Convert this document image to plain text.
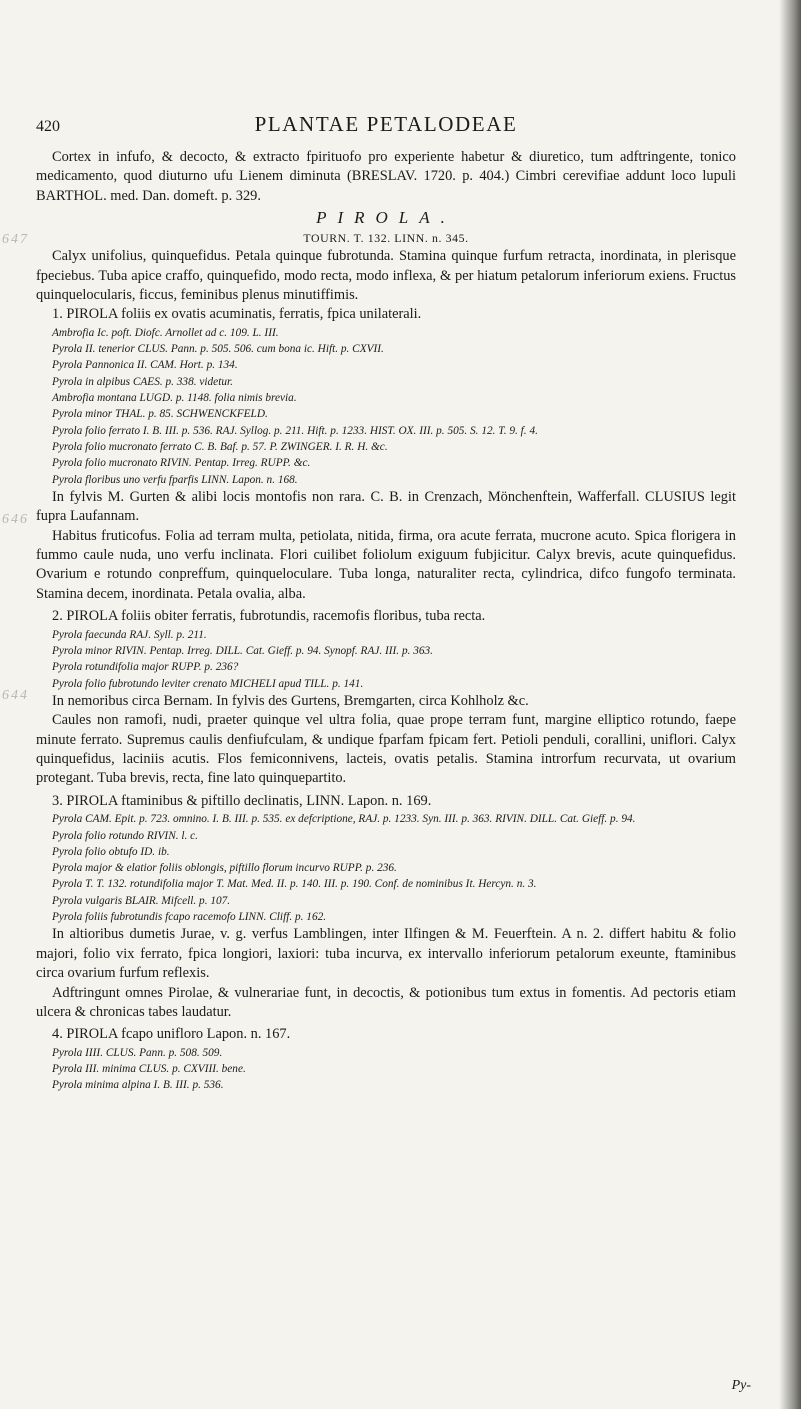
420	PLANTAE PETALODEAE
647
646
644

Cortex in infufo, & decocto, & extracto fpirituofo pro experiente habetur & diuretico, tum adftringente, tonico medicamento, quod diuturno ufu Lienem diminuta (BRESLAV. 1720. p. 404.) Cimbri cerevifiae addunt loco lupuli BARTHOL. med. Dan. domeft. p. 329.

PIROLA.

TOURN. T. 132. LINN. n. 345.

Calyx unifolius, quinquefidus. Petala quinque fubrotunda. Stamina quinque furfum retracta, inordinata, in plerisque fpeciebus. Tuba apice craffo, quinquefido, modo recta, modo inflexa, & per hiatum petalorum inferiorum exiens. Fructus quinquelocularis, ficcus, feminibus plenus minutiffimis.

1. PIROLA foliis ex ovatis acuminatis, ferratis, fpica unilaterali.

Ambrofia Ic. poft. Diofc. Arnollet ad c. 109. L. III.

Pyrola II. tenerior CLUS. Pann. p. 505. 506. cum bona ic. Hift. p. CXVII.

Pyrola Pannonica II. CAM. Hort. p. 134.

Pyrola in alpibus CAES. p. 338. videtur.

Ambrofia montana LUGD. p. 1148. folia nimis brevia.

Pyrola minor THAL. p. 85. SCHWENCKFELD.

Pyrola folio ferrato I. B. III. p. 536. RAJ. Syllog. p. 211. Hift. p. 1233. HIST. OX. III. p. 505. S. 12. T. 9. f. 4.

Pyrola folio mucronato ferrato C. B. Baf. p. 57. P. ZWINGER. I. R. H. &c.

Pyrola folio mucronato RIVIN. Pentap. Irreg. RUPP. &c.

Pyrola floribus uno verfu fparfis LINN. Lapon. n. 168.

In fylvis M. Gurten & alibi locis montofis non rara. C. B. in Crenzach, Mönchenftein, Wafferfall. CLUSIUS legit fupra Laufannam.

Habitus fruticofus. Folia ad terram multa, petiolata, nitida, firma, ora acute ferrata, mucrone acuto. Spica florigera in fummo caule nuda, uno verfu inclinata. Flori cuilibet foliolum exiguum fubjicitur. Calyx brevis, acute quinquefidus. Ovarium e rotundo conpreffum, quinqueloculare. Tuba longa, naturaliter recta, cylindrica, difco fungofo terminata. Stamina decem, inordinata. Petala ovalia, alba.

2. PIROLA foliis obiter ferratis, fubrotundis, racemofis floribus, tuba recta.

Pyrola faecunda RAJ. Syll. p. 211.

Pyrola minor RIVIN. Pentap. Irreg. DILL. Cat. Gieff. p. 94. Synopf. RAJ. III. p. 363.

Pyrola rotundifolia major RUPP. p. 236?

Pyrola folio fubrotundo leviter crenato MICHELI apud TILL. p. 141.

In nemoribus circa Bernam. In fylvis des Gurtens, Bremgarten, circa Kohlholz &c.

Caules non ramofi, nudi, praeter quinque vel ultra folia, quae prope terram funt, margine elliptico rotundo, faepe minute ferrato. Supremus caulis denfiufculam, & undique fparfam fpicam fert. Petioli penduli, corallini, uniflori. Calyx quinquefidus, laciniis acutis. Flos femiconnivens, lacteis, ovatis petalis. Stamina introrfum recurvata, ut ovarium protegant. Tuba brevis, recta, fine lato quinquepartito.

3. PIROLA ftaminibus & piftillo declinatis, LINN. Lapon. n. 169.

Pyrola CAM. Epit. p. 723. omnino. I. B. III. p. 535. ex defcriptione, RAJ. p. 1233. Syn. III. p. 363. RIVIN. DILL. Cat. Gieff. p. 94.

Pyrola folio rotundo RIVIN. l. c.

Pyrola folio obtufo ID. ib.

Pyrola major & elatior foliis oblongis, piftillo florum incurvo RUPP. p. 236.

Pyrola T. T. 132. rotundifolia major T. Mat. Med. II. p. 140. III. p. 190. Conf. de nominibus It. Hercyn. n. 3.

Pyrola vulgaris BLAIR. Mifcell. p. 107.

Pyrola foliis fubrotundis fcapo racemofo LINN. Cliff. p. 162.

In altioribus dumetis Jurae, v. g. verfus Lamblingen, inter Ilfingen & M. Feuerftein. A n. 2. differt habitu & folio majori, folio vix ferrato, fpica longiori, laxiori: tuba incurva, ex intervallo inferiorum petalorum exeunte, ftaminibus circa ovarium furfum reflexis.

Adftringunt omnes Pirolae, & vulnerariae funt, in decoctis, & potionibus tum extus in fomentis. Ad pectoris etiam ulcera & chronicas tabes laudatur.

4. PIROLA fcapo unifloro Lapon. n. 167.

Pyrola IIII. CLUS. Pann. p. 508. 509.

Pyrola III. minima CLUS. p. CXVIII. bene.

Pyrola minima alpina I. B. III. p. 536.

Py-
